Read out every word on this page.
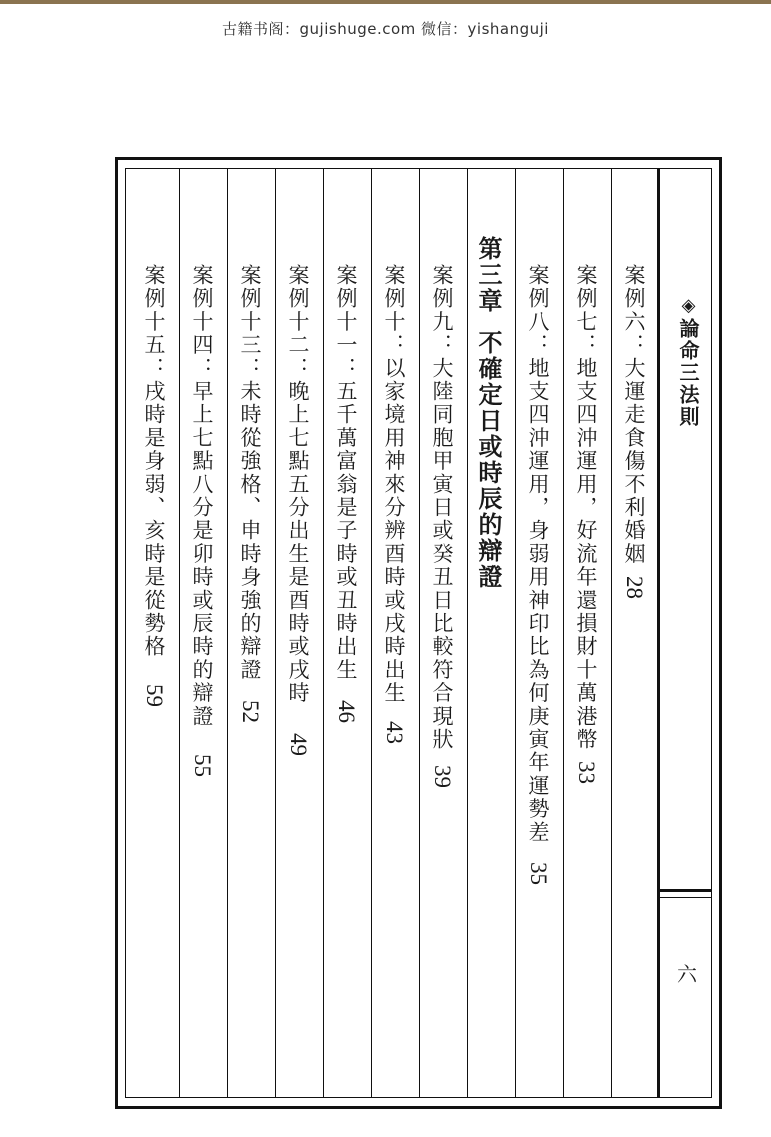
古籍书阁：gujishuge.com 微信：yishanguji
◈論命三法則
六
案例六：大運走食傷不利婚姻28
案例七：地支四沖運用，好流年還損財十萬港幣33
案例八：地支四沖運用，身弱用神印比為何庚寅年運勢差35
第三章不確定日或時辰的辯證
案例九：大陸同胞甲寅日或癸丑日比較符合現狀39
案例十：以家境用神來分辨酉時或戌時出生43
案例十一：五千萬富翁是子時或丑時出生46
案例十二：晚上七點五分出生是酉時或戌時49
案例十三：未時從強格、申時身強的辯證52
案例十四：早上七點八分是卯時或辰時的辯證55
案例十五：戌時是身弱、亥時是從勢格59
